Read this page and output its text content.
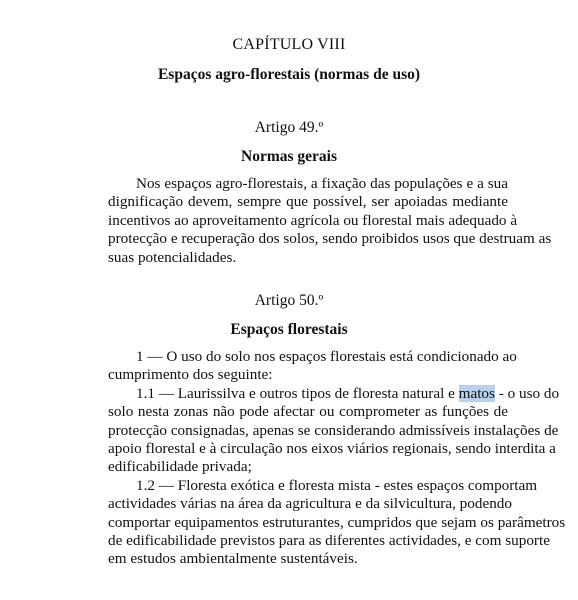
CAPÍTULO VIII
Espaços agro-florestais (normas de uso)
Artigo 49.º
Normas gerais
Nos espaços agro-florestais, a fixação das populações e a sua
dignificação devem, sempre que possível, ser apoiadas mediante
incentivos ao aproveitamento agrícola ou florestal mais adequado à
protecção e recuperação dos solos, sendo proibidos usos que destruam as
suas potencialidades.
Artigo 50.º
Espaços florestais
1 — O uso do solo nos espaços florestais está condicionado ao
cumprimento dos seguinte:
1.1 — Laurissilva e outros tipos de floresta natural e matos - o uso do
solo nesta zonas não pode afectar ou comprometer as funções de
protecção consignadas, apenas se considerando admissíveis instalações de
apoio florestal e à circulação nos eixos viários regionais, sendo interdita a
edificabilidade privada;
1.2 — Floresta exótica e floresta mista - estes espaços comportam
actividades várias na área da agricultura e da silvicultura, podendo
comportar equipamentos estruturantes, cumpridos que sejam os parâmetros
de edificabilidade previstos para as diferentes actividades, e com suporte
em estudos ambientalmente sustentáveis.
